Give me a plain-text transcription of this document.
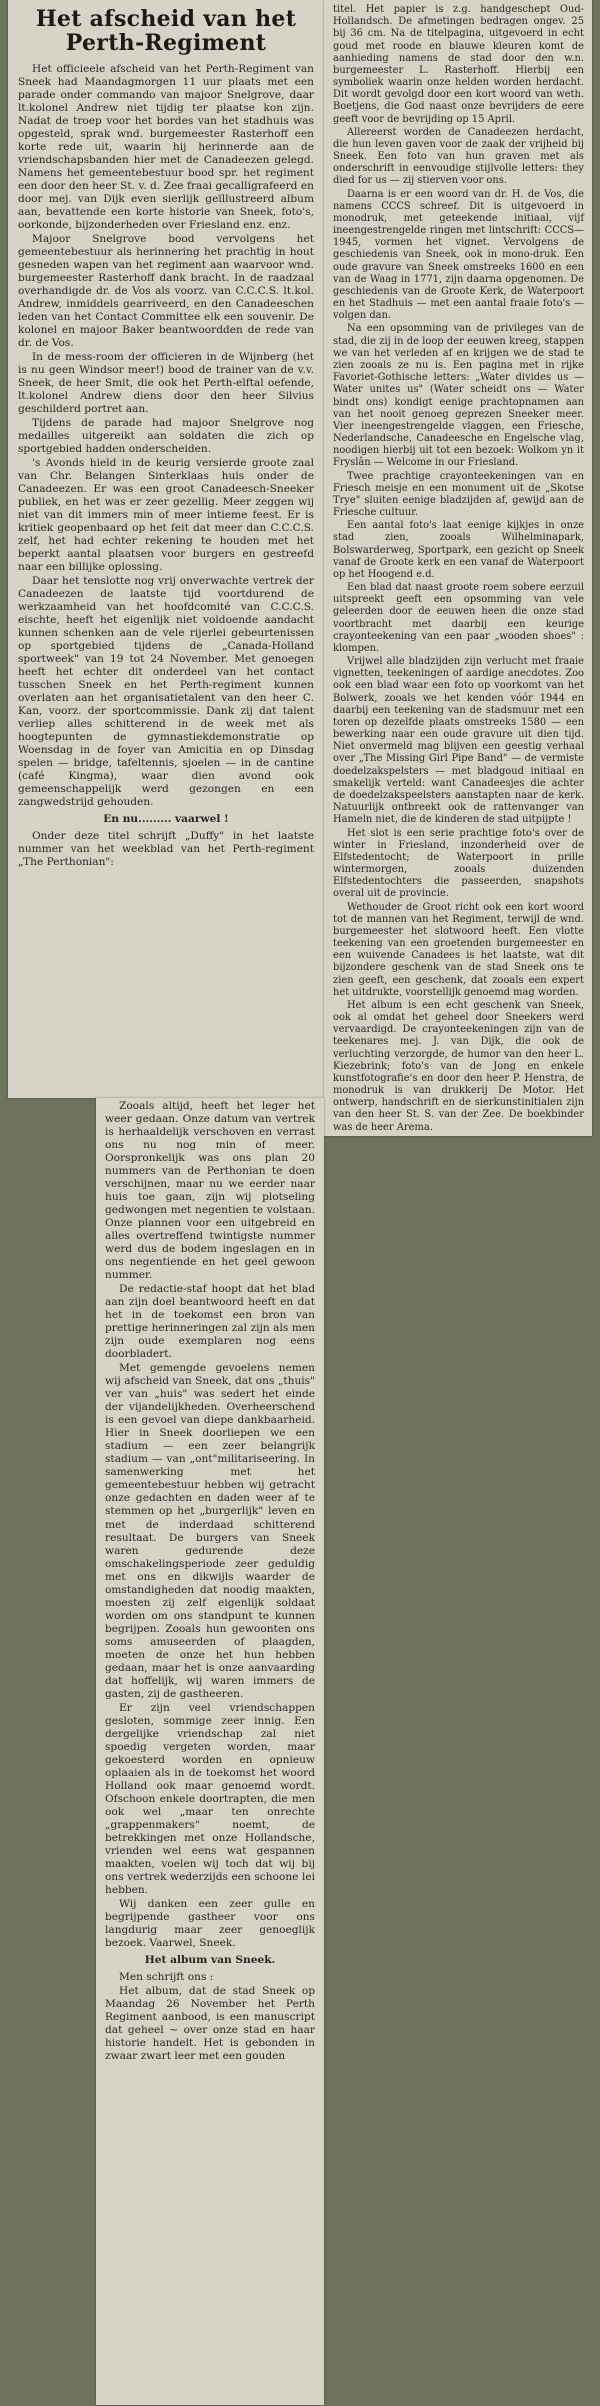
Het afscheid van het Perth-Regiment

Het officieele afscheid van het Perth-Regiment van Sneek had Maandagmorgen 11 uur plaats met een parade onder commando van majoor Snelgrove, daar lt.kolonel Andrew niet tijdig ter plaatse kon zijn. Nadat de troep voor het bordes van het stadhuis was opgesteld, sprak wnd. burgemeester Rasterhoff een korte rede uit, waarin hij herinnerde aan de vriendschapsbanden hier met de Canadeezen gelegd. Namens het gemeentebestuur bood spr. het regiment een door den heer St. v. d. Zee fraai gecalligrafeerd en door mej. van Dijk even sierlijk geïllustreerd album aan, bevattende een korte historie van Sneek, foto's, oorkonde, bijzonderheden over Friesland enz. enz.

Majoor Snelgrove bood vervolgens het gemeentebestuur als herinnering het prachtig in hout gesneden wapen van het regiment aan waarvoor wnd. burgemeester Rasterhoff dank bracht. In de raadzaal overhandigde dr. de Vos als voorz. van C.C.C.S. lt.kol. Andrew, inmiddels gearriveerd, en den Canadeeschen leden van het Contact Committee elk een souvenir. De kolonel en majoor Baker beantwoordden de rede van dr. de Vos.

In de mess-room der officieren in de Wijnberg (het is nu geen Windsor meer!) bood de trainer van de v.v. Sneek, de heer Smit, die ook het Perth-elftal oefende, lt.kolonel Andrew diens door den heer Silvius geschilderd portret aan.

Tijdens de parade had majoor Snelgrove nog medailles uitgereikt aan soldaten die zich op sportgebied hadden onderscheiden.

's Avonds hield in de keurig versierde groote zaal van Chr. Belangen Sinterklaas huis onder de Canadeezen. Er was een groot Canadeesch-Sneeker publiek, en het was er zeer gezellig. Meer zeggen wij niet van dit immers min of meer intieme feest. Er is kritiek geopenbaard op het feit dat meer dan C.C.C.S. zelf, het had echter rekening te houden met het beperkt aantal plaatsen voor burgers en gestreefd naar een billijke oplossing.

Daar het tenslotte nog vrij onverwachte vertrek der Canadeezen de laatste tijd voortdurend de werkzaamheid van het hoofdcomité van C.C.C.S. eischte, heeft het eigenlijk niet voldoende aandacht kunnen schenken aan de vele rijerlei gebeurtenissen op sportgebied tijdens de „Canada-Holland sportweek" van 19 tot 24 November. Met genoegen heeft het echter dit onderdeel van het contact tusschen Sneek en het Perth-regiment kunnen overlaten aan het organisatietalent van den heer C. Kan, voorz. der sportcommissie. Dank zij dat talent verliep alles schitterend in de week met als hoogtepunten de gymnastiekdemonstratie op Woensdag in de foyer van Amicitia en op Dinsdag spelen — bridge, tafeltennis, sjoelen — in de cantine (café Kingma), waar dien avond ook gemeenschappelijk werd gezongen en een zangwedstrijd gehouden.

En nu......... vaarwel !

Onder deze titel schrijft „Duffy" in het laatste nummer van het weekblad van het Perth-regiment „The Perthonian":

titel. Het papier is z.g. handgeschept Oud-Hollandsch. De afmetingen bedragen ongev. 25 bij 36 cm. Na de titelpagina, uitgevoerd in echt goud met roode en blauwe kleuren komt de aanhieding namens de stad door den w.n. burgemeester L. Rasterhoff. Hierbij een symboliek waarin onze helden worden herdacht. Dit wordt gevolgd door een kort woord van weth. Boetjens, die God naast onze bevrijders de eere geeft voor de bevrijding op 15 April.

Allereerst worden de Canadeezen herdacht, die hun leven gaven voor de zaak der vrijheid bij Sneek. Een foto van hun graven met als onderschrift in eenvoudige stijlvolle letters: they died for us — zij stierven voor ons.

Daarna is er een woord van dr. H. de Vos, die namens CCCS schreef. Dit is uitgevoerd in monodruk, met geteekende initiaal, vijf ineengestrengelde ringen met lintschrift: CCCS—1945, vormen het vignet. Vervolgens de geschiedenis van Sneek, ook in mono-druk. Een oude gravure van Sneek omstreeks 1600 en een van de Waag in 1771, zijn daarna opgenomen. De geschiedenis van de Groote Kerk, de Waterpoort en het Stadhuis — met een aantal fraaie foto's — volgen dan.

Na een opsomming van de privileges van de stad, die zij in de loop der eeuwen kreeg, stappen we van het verleden af en krijgen we de stad te zien zooals ze nu is. Een pagina met in rijke Favoriet-Gothische letters: „Water divides us — Water unites us" (Water scheidt ons — Water bindt ons) kondigt eenige prachtopnamen aan van het nooit genoeg geprezen Sneeker meer. Vier ineengestrengelde vlaggen, een Friesche, Nederlandsche, Canadeesche en Engelsche vlag, noodigen hierbij uit tot een bezoek: Wolkom yn it Fryslân — Welcome in our Friesland.

Twee prachtige crayonteekeningen van en Friesch meisje en een monument uit de „Skotse Trye" sluiten eenige bladzijden af, gewijd aan de Friesche cultuur.

Een aantal foto's laat eenige kijkjes in onze stad zien, zooals Wilhelminapark, Bolswarderweg, Sportpark, een gezicht op Sneek vanaf de Groote kerk en een vanaf de Waterpoort op het Hoogend e.d.

Een blad dat naast groote roem sobere eerzuil uitspreekt geeft een opsomming van vele geleerden door de eeuwen heen die onze stad voortbracht met daarbij een keurige crayonteekening van een paar „wooden shoes" : klompen.

Vrijwel alle bladzijden zijn verlucht met fraaie vignetten, teekeningen of aardige anecdotes. Zoo ook een blad waar een foto op voorkomt van het Bolwerk, zooals we het kenden vóór 1944 en daarbij een teekening van de stadsmuur met een toren op dezelfde plaats omstreeks 1580 — een bewerking naar een oude gravure uit dien tijd. Niet onvermeld mag blijven een geestig verhaal over „The Missing Girl Pipe Band" — de vermiste doedelzakspelsters — met bladgoud initiaal en smakelijk verteld: want Canadeesjes die achter de doedelzakspeelsters aanstapten naar de kerk. Natuurlijk ontbreekt ook de rattenvanger van Hameln niet, die de kinderen de stad uitpijpte !

Het slot is een serie prachtige foto's over de winter in Friesland, inzonderheid over de Elfstedentocht; de Waterpoort in prille wintermorgen, zooals duizenden Elfstedentochters die passeerden, snapshots overal uit de provincie.

Wethouder de Groot richt ook een kort woord tot de mannen van het Regiment, terwijl de wnd. burgemeester het slotwoord heeft. Een vlotte teekening van een groetenden burgemeester en een wuivende Canadees is het laatste, wat dit bijzondere geschenk van de stad Sneek ons te zien geeft, een geschenk, dat zooals een expert het uitdrukte, voorstellijk genoemd mag worden.

Het album is een echt geschenk van Sneek, ook al omdat het geheel door Sneekers werd vervaardigd. De crayonteekeningen zijn van de teekenares mej. J. van Dijk, die ook de verluchting verzorgde, de humor van den heer L. Kiezebrink; foto's van de Jong en enkele kunstfotografie's en door den heer P. Henstra, de monodruk is van drukkerij De Motor. Het ontwerp, handschrift en de sierkunstinitialen zijn van den heer St. S. van der Zee. De boekbinder was de heer Arema.

Zooals altijd, heeft het leger het weer gedaan. Onze datum van vertrek is herhaaldelijk verschoven en verrast ons nu nog min of meer. Oorspronkelijk was ons plan 20 nummers van de Perthonian te doen verschijnen, maar nu we eerder naar huis toe gaan, zijn wij plotseling gedwongen met negentien te volstaan. Onze plannen voor een uitgebreid en alles overtreffend twintigste nummer werd dus de bodem ingeslagen en in ons negentiende en het geel gewoon nummer.

De redactie-staf hoopt dat het blad aan zijn doel beantwoord heeft en dat het in de toekomst een bron van prettige herinneringen zal zijn als men zijn oude exemplaren nog eens doorbladert.

Met gemengde gevoelens nemen wij afscheid van Sneek, dat ons „thuis" ver van „huis" was sedert het einde der vijandelijkheden. Overheerschend is een gevoel van diepe dankbaarheid. Hier in Sneek doorliepen we een stadium — een zeer belangrijk stadium — van „ont"militariseering. In samenwerking met het gemeentebestuur hebben wij getracht onze gedachten en daden weer af te stemmen op het „burgerlijk" leven en met de inderdaad schitterend resultaat. De burgers van Sneek waren gedurende deze omschakelingsperiode zeer geduldig met ons en dikwijls waarder de omstandigheden dat noodig maakten, moesten zij zelf eigenlijk soldaat worden om ons standpunt te kunnen begrijpen. Zooals hun gewoonten ons soms amuseerden of plaagden, moeten de onze het hun hebben gedaan, maar het is onze aanvaarding dat hoffelijk, wij waren immers de gasten, zij de gastheeren.

Er zijn veel vriendschappen gesloten, sommige zeer innig. Een dergelijke vriendschap zal niet spoedig vergeten worden, maar gekoesterd worden en opnieuw oplaaien als in de toekomst het woord Holland ook maar genoemd wordt. Ofschoon enkele doortrapten, die men ook wel „maar ten onrechte „grappenmakers" noemt, de betrekkingen met onze Hollandsche, vrienden wel eens wat gespannen maakten, voelen wij toch dat wij bij ons vertrek wederzijds een schoone lei hebben.

Wij danken een zeer gulle en begrijpende gastheer voor ons langdurig maar zeer genoeglijk bezoek. Vaarwel, Sneek.

Het album van Sneek.

Men schrijft ons :

Het album, dat de stad Sneek op Maandag 26 November het Perth Regiment aanbood, is een manuscript dat geheel ~ over onze stad en haar historie handelt. Het is gebonden in zwaar zwart leer met een gouden
